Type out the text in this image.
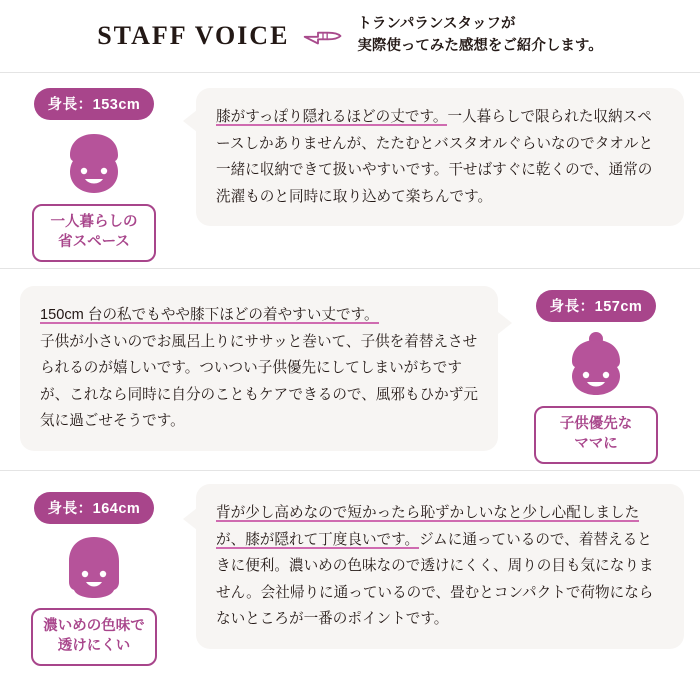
STAFF VOICE	トランパランスタッフが
実際使ってみた感想をご紹介します。
身長：153cm
一人暮らしの
省スペース

膝がすっぽり隠れるほどの丈です。一人暮らしで限られた収納スペースしかありませんが、たたむとバスタオルぐらいなのでタオルと一緒に収納できて扱いやすいです。干せばすぐに乾くので、通常の洗濯ものと同時に取り込めて楽ちんです。

身長：157cm
子供優先な
ママに

150cm 台の私でもやや膝下ほどの着やすい丈です。
子供が小さいのでお風呂上りにササッと巻いて、子供を着替えさせられるのが嬉しいです。ついつい子供優先にしてしまいがちですが、これなら同時に自分のこともケアできるので、風邪もひかず元気に過ごせそうです。

身長：164cm
濃いめの色味で
透けにくい

背が少し高めなので短かったら恥ずかしいなと少し心配しましたが、膝が隠れて丁度良いです。ジムに通っているので、着替えるときに便利。濃いめの色味なので透けにくく、周りの目も気になりません。会社帰りに通っているので、畳むとコンパクトで荷物にならないところが一番のポイントです。
